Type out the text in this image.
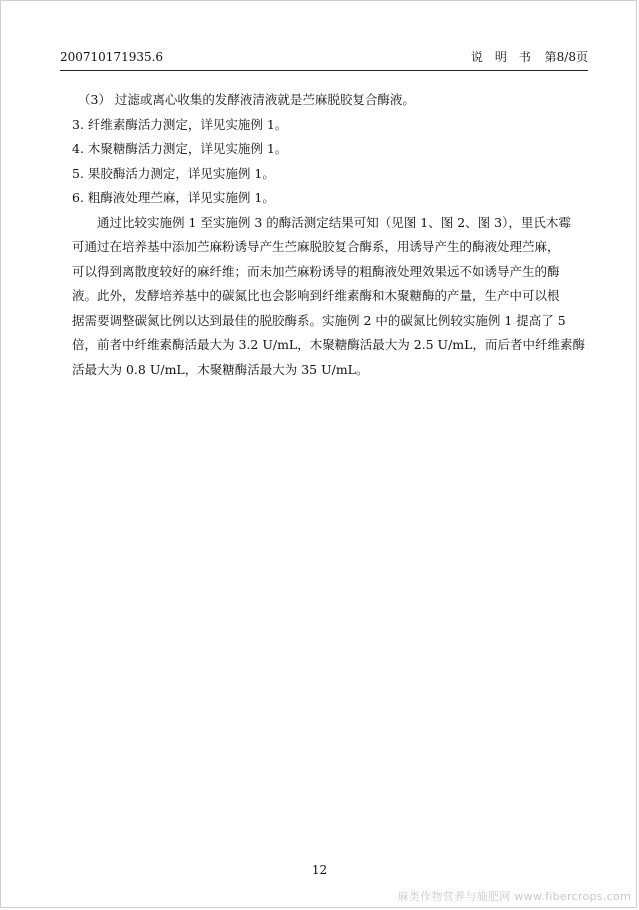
200710171935.6	说　明　书 第8/8页
（3） 过滤或离心收集的发酵液清液就是苎麻脱胶复合酶液。
3. 纤维素酶活力测定，详见实施例 1。
4. 木聚糖酶活力测定，详见实施例 1。
5. 果胶酶活力测定，详见实施例 1。
6. 粗酶液处理苎麻，详见实施例 1。
通过比较实施例 1 至实施例 3 的酶活测定结果可知（见图 1、图 2、图 3），里氏木霉
可通过在培养基中添加苎麻粉诱导产生苎麻脱胶复合酶系，用诱导产生的酶液处理苎麻，
可以得到离散度较好的麻纤维；而未加苎麻粉诱导的粗酶液处理效果远不如诱导产生的酶
液。此外，发酵培养基中的碳氮比也会影响到纤维素酶和木聚糖酶的产量，生产中可以根
据需要调整碳氮比例以达到最佳的脱胶酶系。实施例 2 中的碳氮比例较实施例 1 提高了 5
倍，前者中纤维素酶活最大为 3.2 U/mL，木聚糖酶活最大为 2.5 U/mL，而后者中纤维素酶
活最大为 0.8 U/mL，木聚糖酶活最大为 35 U/mL。
12
麻类作物营养与施肥网 www.fibercrops.com
